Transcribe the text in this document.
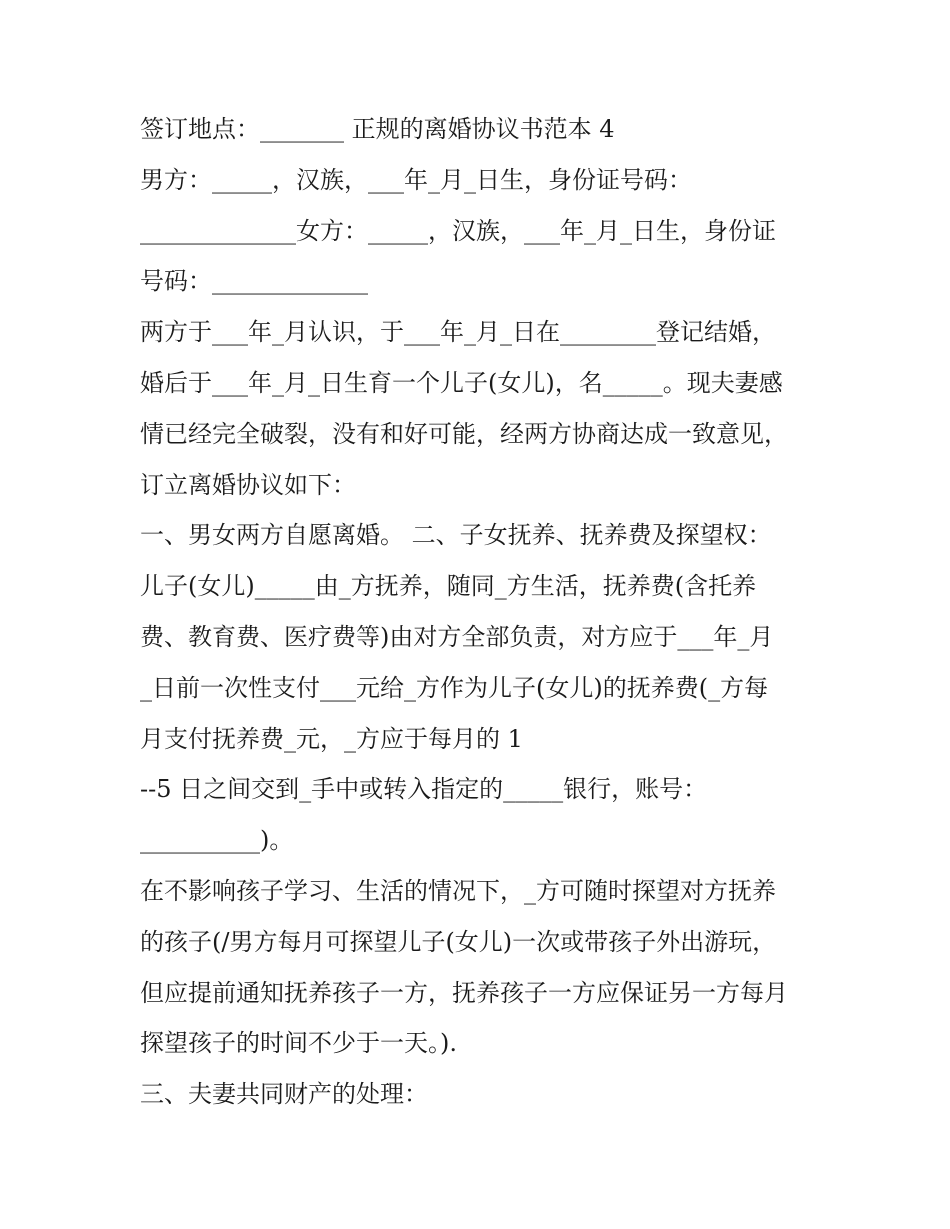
签订地点：_______ 正规的离婚协议书范本 4
男方：_____，汉族，___年_月_日生，身份证号码：
_____________女方：_____，汉族，___年_月_日生，身份证
号码：_____________
两方于___年_月认识，于___年_月_日在________登记结婚，
婚后于___年_月_日生育一个儿子(女儿)，名_____。现夫妻感
情已经完全破裂，没有和好可能，经两方协商达成一致意见，
订立离婚协议如下：
一、男女两方自愿离婚。 二、子女抚养、抚养费及探望权：
儿子(女儿)_____由_方抚养，随同_方生活，抚养费(含托养
费、教育费、医疗费等)由对方全部负责，对方应于___年_月
_日前一次性支付___元给_方作为儿子(女儿)的抚养费(_方每
月支付抚养费_元，_方应于每月的 1
--5 日之间交到_手中或转入指定的_____银行，账号：
__________)。
在不影响孩子学习、生活的情况下，_方可随时探望对方抚养
的孩子(/男方每月可探望儿子(女儿)一次或带孩子外出游玩，
但应提前通知抚养孩子一方，抚养孩子一方应保证另一方每月
探望孩子的时间不少于一天。).
三、夫妻共同财产的处理：
